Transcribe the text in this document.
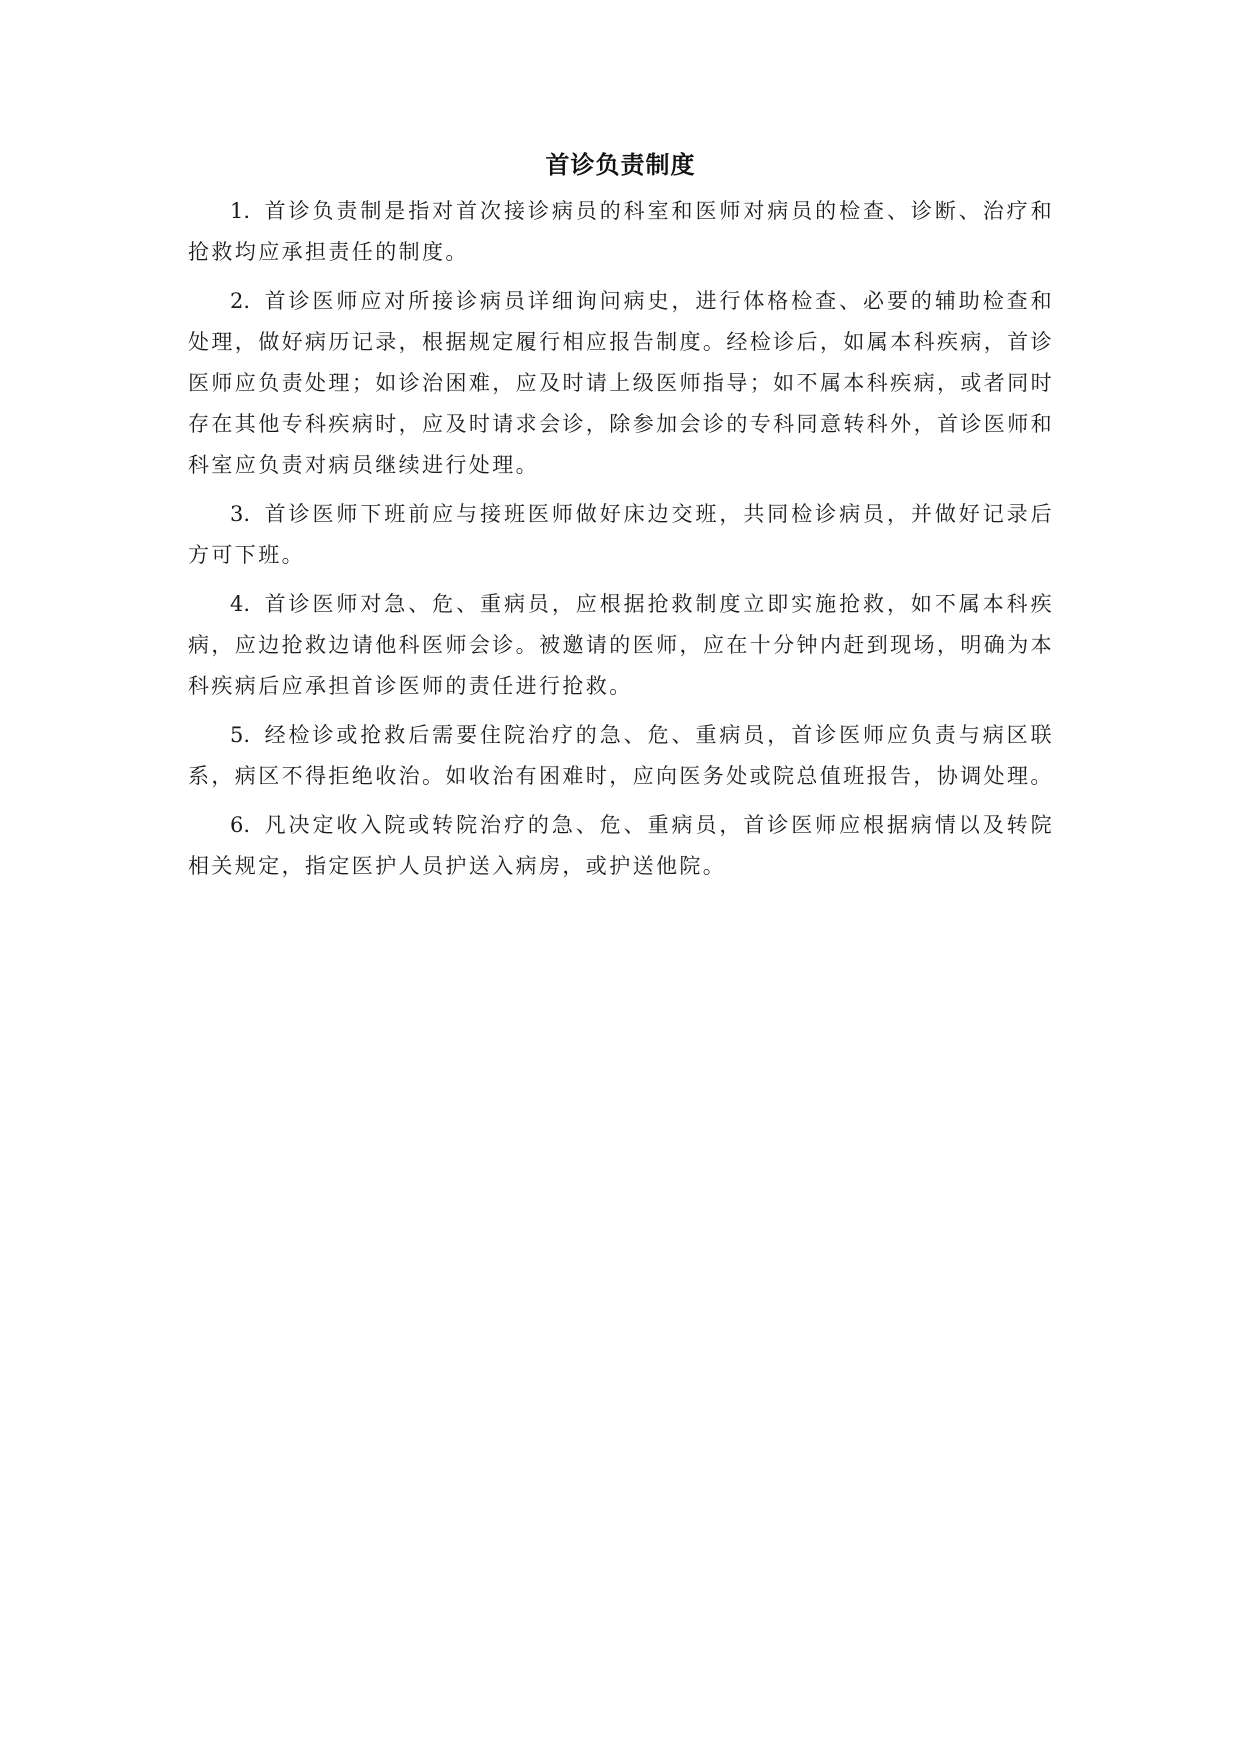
首诊负责制度

1. 首诊负责制是指对首次接诊病员的科室和医师对病员的检查、诊断、治疗和抢救均应承担责任的制度。

2. 首诊医师应对所接诊病员详细询问病史，进行体格检查、必要的辅助检查和处理，做好病历记录，根据规定履行相应报告制度。经检诊后，如属本科疾病，首诊医师应负责处理；如诊治困难，应及时请上级医师指导；如不属本科疾病，或者同时存在其他专科疾病时，应及时请求会诊，除参加会诊的专科同意转科外，首诊医师和科室应负责对病员继续进行处理。

3. 首诊医师下班前应与接班医师做好床边交班，共同检诊病员，并做好记录后方可下班。

4. 首诊医师对急、危、重病员，应根据抢救制度立即实施抢救，如不属本科疾病，应边抢救边请他科医师会诊。被邀请的医师，应在十分钟内赶到现场，明确为本科疾病后应承担首诊医师的责任进行抢救。

5. 经检诊或抢救后需要住院治疗的急、危、重病员，首诊医师应负责与病区联系，病区不得拒绝收治。如收治有困难时，应向医务处或院总值班报告，协调处理。

6. 凡决定收入院或转院治疗的急、危、重病员，首诊医师应根据病情以及转院相关规定，指定医护人员护送入病房，或护送他院。
